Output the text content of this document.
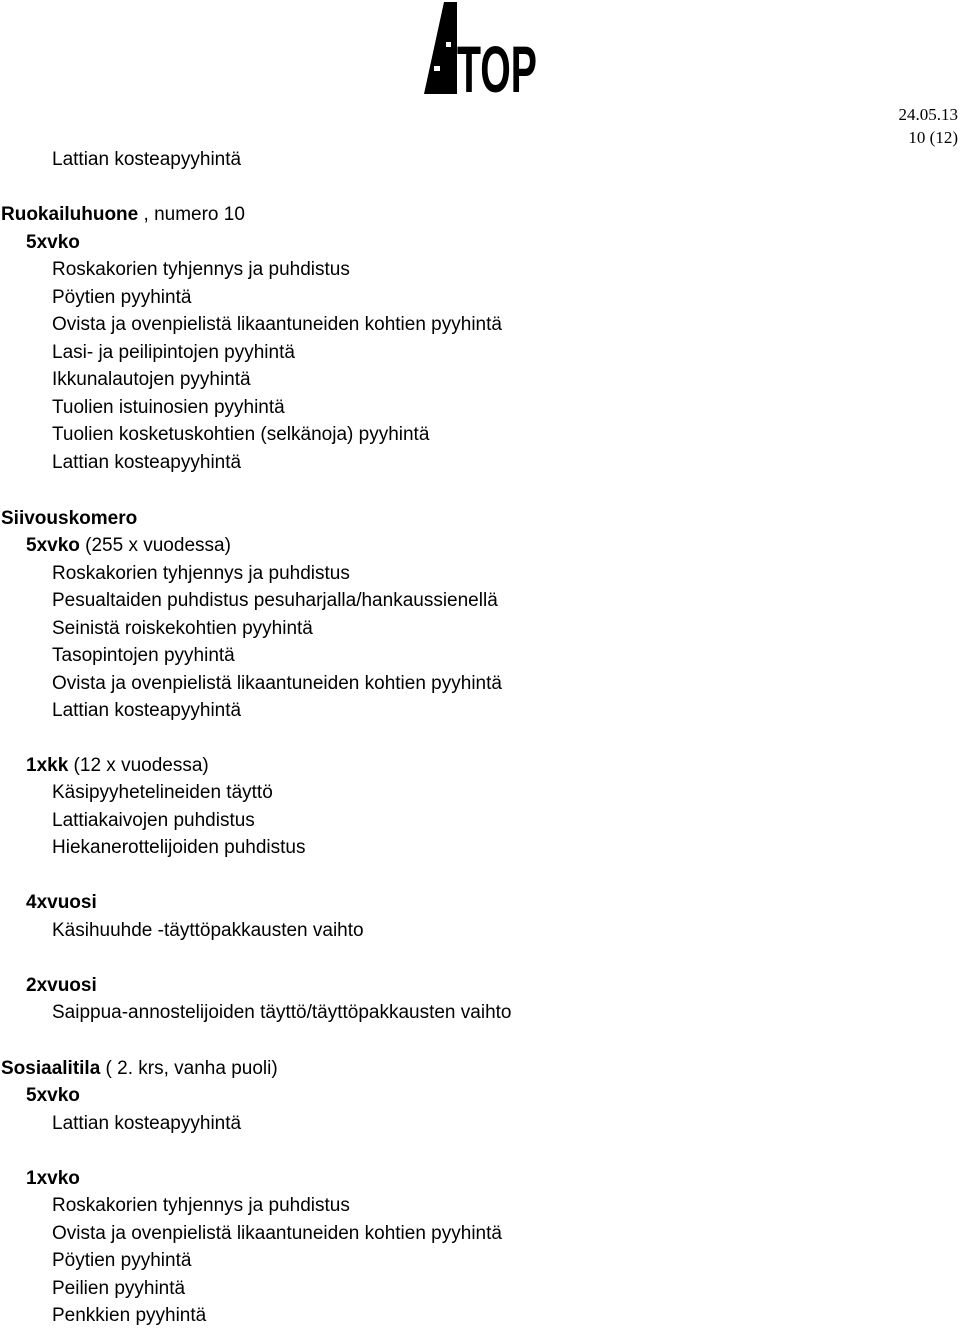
TOP
24.05.13
10 (12)
Lattian kosteapyyhintä
Ruokailuhuone , numero 10
5xvko
Roskakorien tyhjennys ja puhdistus
Pöytien pyyhintä
Ovista ja ovenpielistä likaantuneiden kohtien pyyhintä
Lasi- ja peilipintojen pyyhintä
Ikkunalautojen pyyhintä
Tuolien istuinosien pyyhintä
Tuolien kosketuskohtien (selkänoja) pyyhintä
Lattian kosteapyyhintä
Siivouskomero
5xvko (255 x vuodessa)
Roskakorien tyhjennys ja puhdistus
Pesualtaiden puhdistus pesuharjalla/hankaussienellä
Seinistä roiskekohtien pyyhintä
Tasopintojen pyyhintä
Ovista ja ovenpielistä likaantuneiden kohtien pyyhintä
Lattian kosteapyyhintä
1xkk (12 x vuodessa)
Käsipyyhetelineiden täyttö
Lattiakaivojen puhdistus
Hiekanerottelijoiden puhdistus
4xvuosi
Käsihuuhde -täyttöpakkausten vaihto
2xvuosi
Saippua-annostelijoiden täyttö/täyttöpakkausten vaihto
Sosiaalitila ( 2. krs, vanha puoli)
5xvko
Lattian kosteapyyhintä
1xvko
Roskakorien tyhjennys ja puhdistus
Ovista ja ovenpielistä likaantuneiden kohtien pyyhintä
Pöytien pyyhintä
Peilien pyyhintä
Penkkien pyyhintä
